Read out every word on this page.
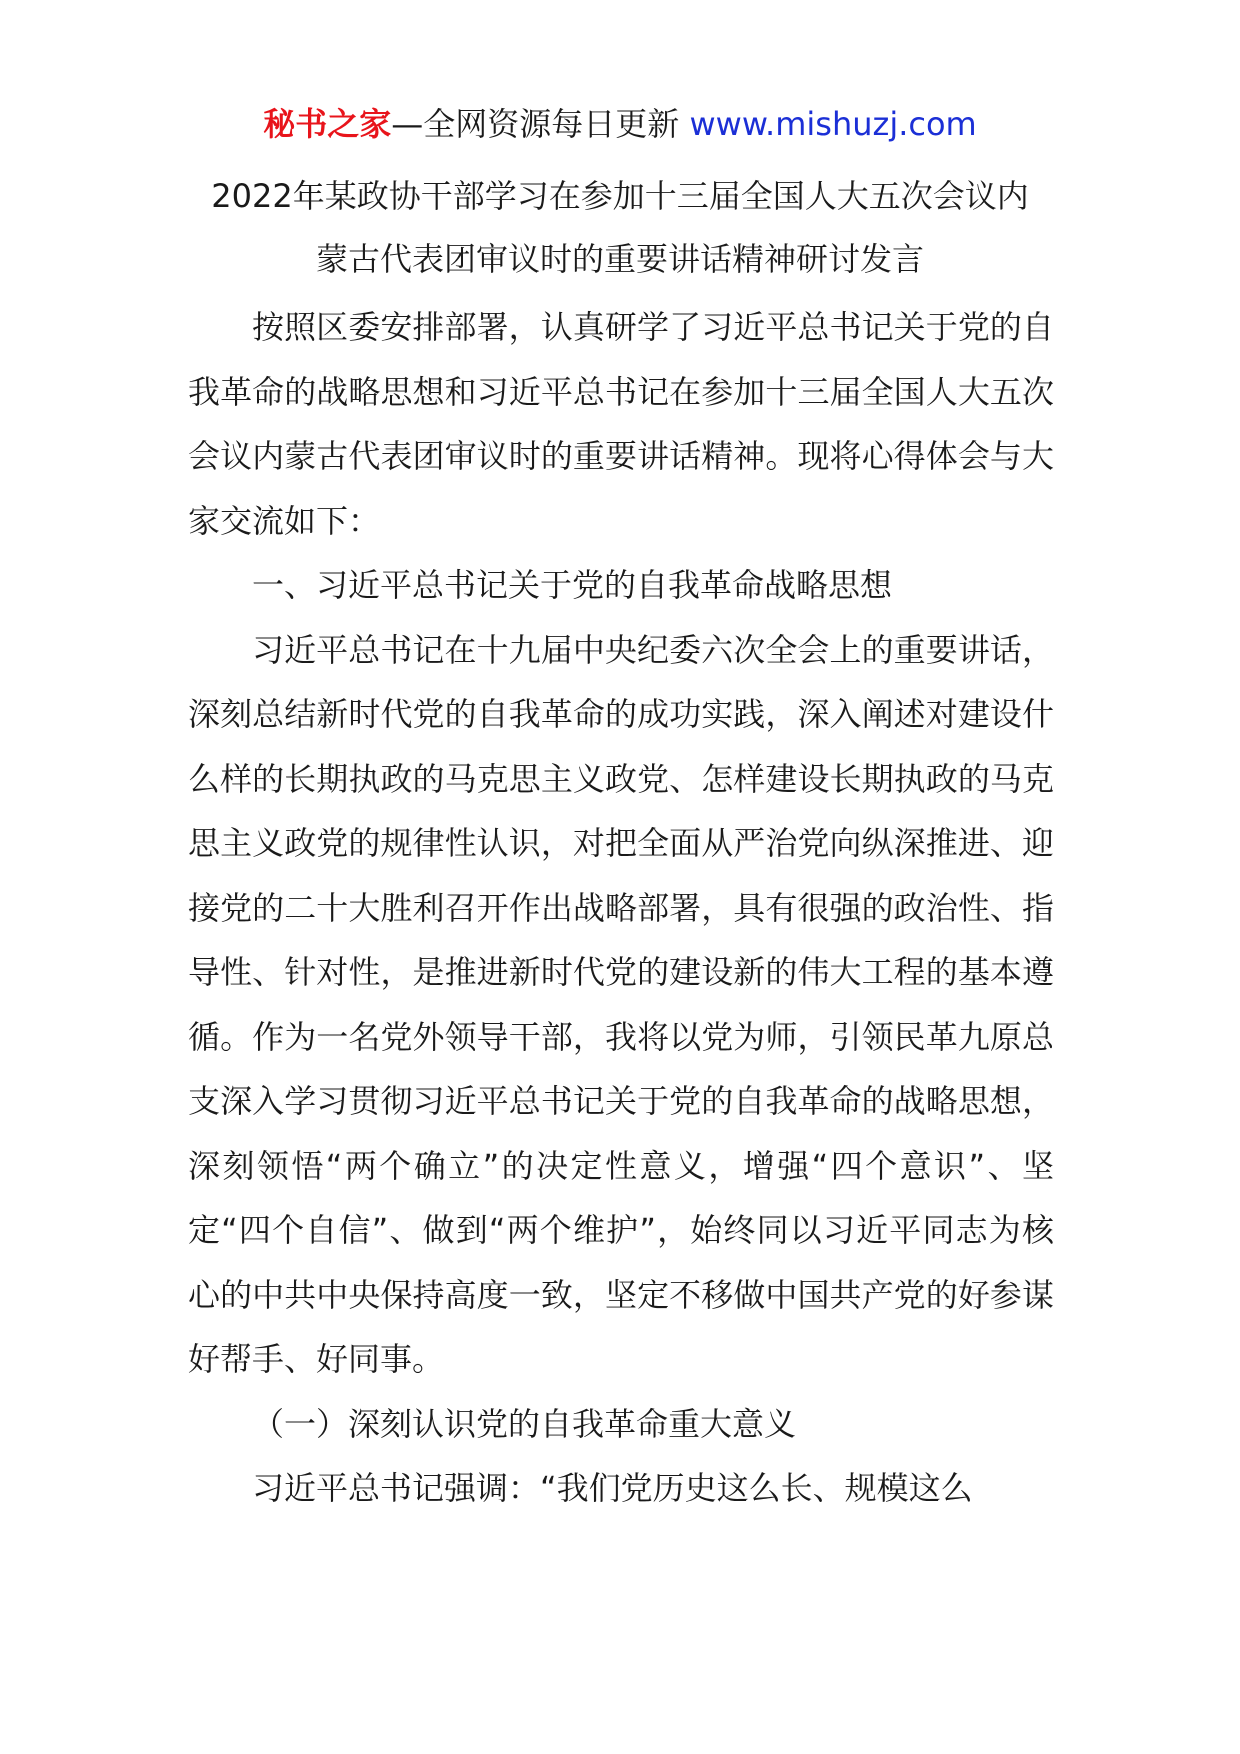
秘书之家—全网资源每日更新 www.mishuzj.com
2022年某政协干部学习在参加十三届全国人大五次会议内
蒙古代表团审议时的重要讲话精神研讨发言

按照区委安排部署，认真研学了习近平总书记关于党的自我革命的战略思想和习近平总书记在参加十三届全国人大五次会议内蒙古代表团审议时的重要讲话精神。现将心得体会与大家交流如下：

一、习近平总书记关于党的自我革命战略思想

习近平总书记在十九届中央纪委六次全会上的重要讲话，深刻总结新时代党的自我革命的成功实践，深入阐述对建设什么样的长期执政的马克思主义政党、怎样建设长期执政的马克思主义政党的规律性认识，对把全面从严治党向纵深推进、迎接党的二十大胜利召开作出战略部署，具有很强的政治性、指导性、针对性，是推进新时代党的建设新的伟大工程的基本遵循。作为一名党外领导干部，我将以党为师，引领民革九原总支深入学习贯彻习近平总书记关于党的自我革命的战略思想，深刻领悟“两个确立”的决定性意义，增强“四个意识”、坚定“四个自信”、做到“两个维护”，始终同以习近平同志为核心的中共中央保持高度一致，坚定不移做中国共产党的好参谋好帮手、好同事。

（一）深刻认识党的自我革命重大意义

习近平总书记强调：“我们党历史这么长、规模这么
